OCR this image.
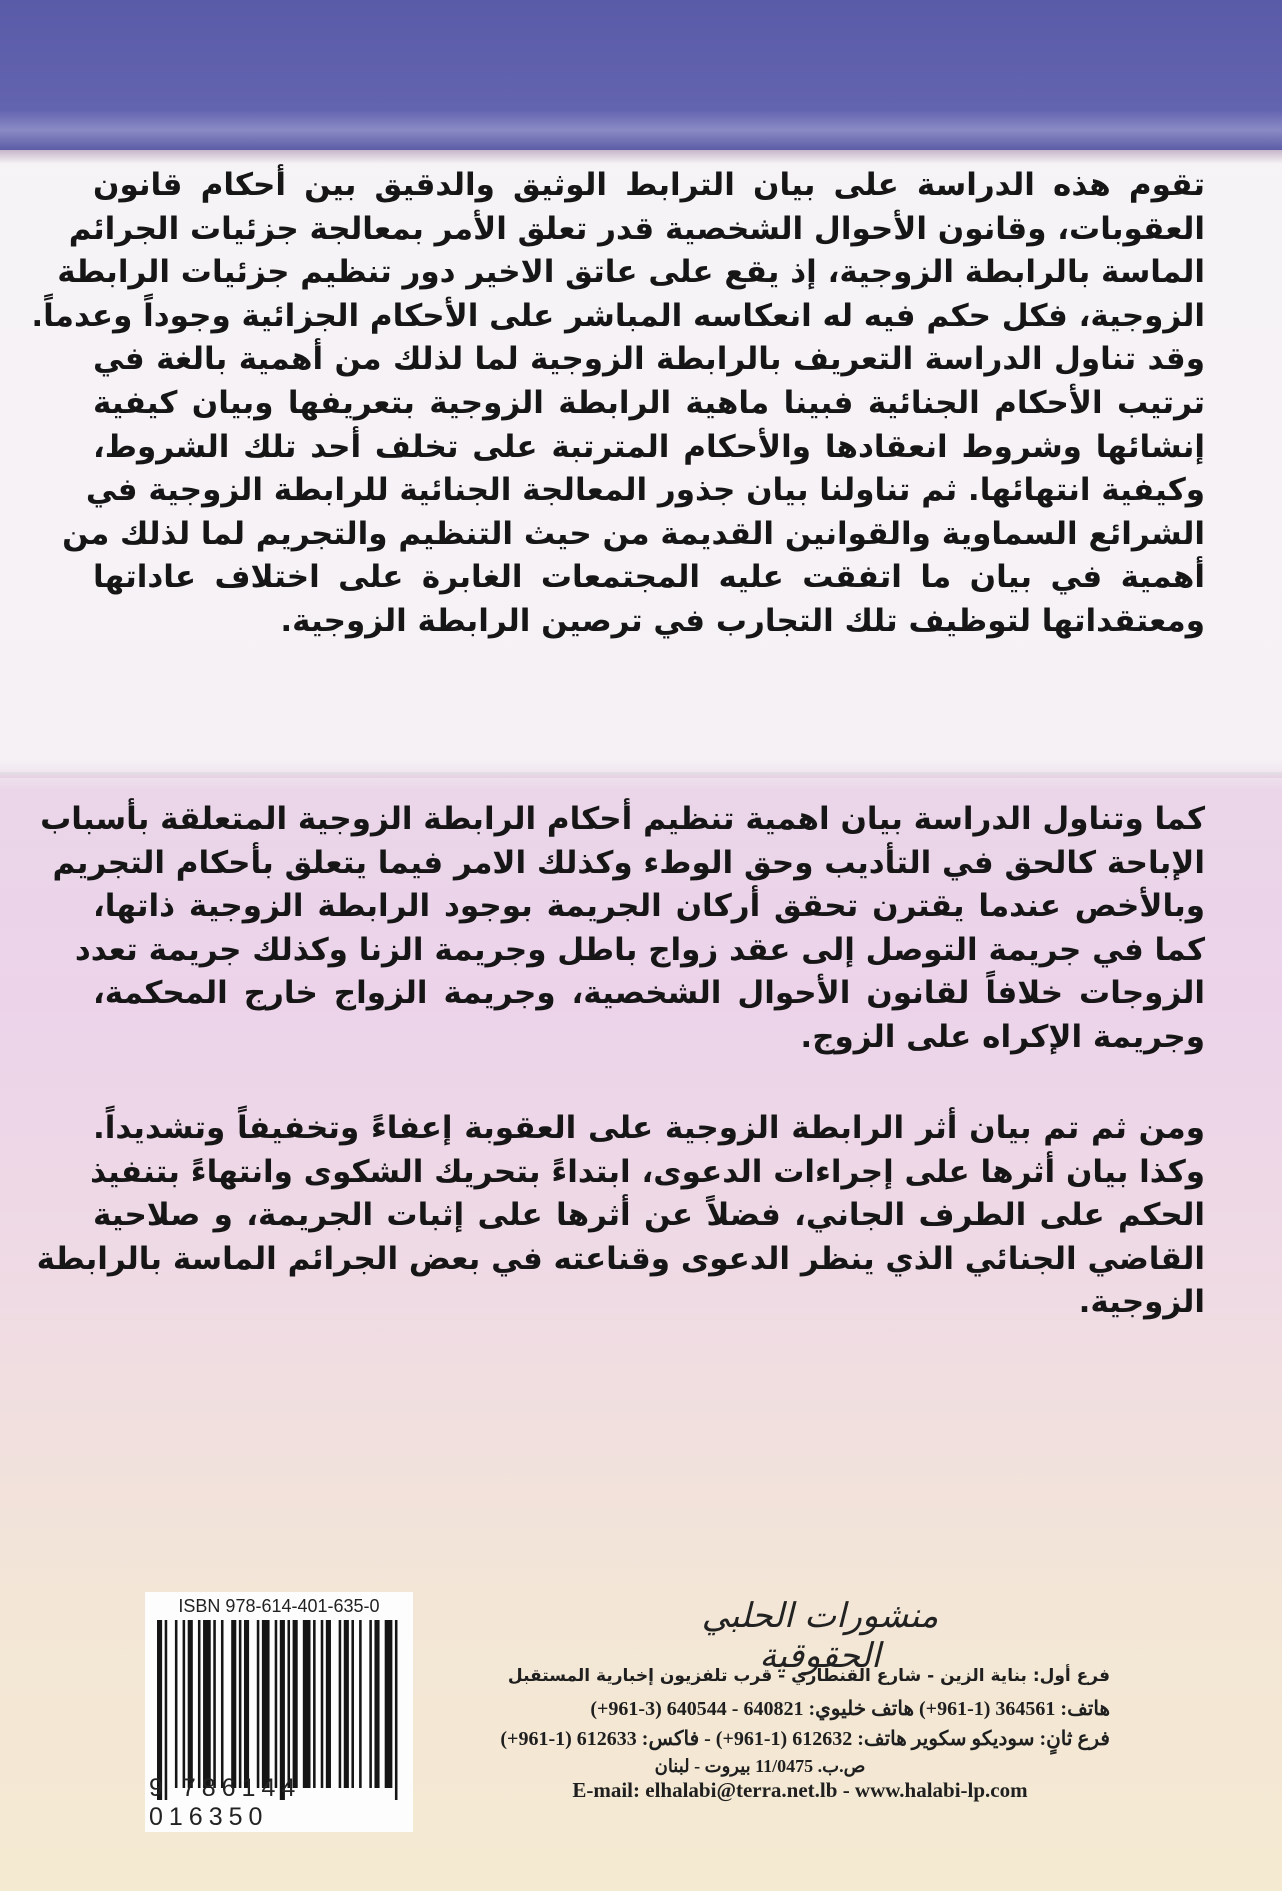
تقوم هذه الدراسة على بيان الترابط الوثيق والدقيق بين أحكام قانون
العقوبات، وقانون الأحوال الشخصية قدر تعلق الأمر بمعالجة جزئيات الجرائم
الماسة بالرابطة الزوجية، إذ يقع على عاتق الاخير دور تنظيم جزئيات الرابطة
الزوجية، فكل حكم فيه له انعكاسه المباشر على الأحكام الجزائية وجوداً وعدماً.
وقد تناول الدراسة التعريف بالرابطة الزوجية لما لذلك من أهمية بالغة في
ترتيب الأحكام الجنائية فبينا ماهية الرابطة الزوجية بتعريفها وبيان كيفية
إنشائها وشروط انعقادها والأحكام المترتبة على تخلف أحد تلك الشروط،
وكيفية انتهائها. ثم تناولنا بيان جذور المعالجة الجنائية للرابطة الزوجية في
الشرائع السماوية والقوانين القديمة من حيث التنظيم والتجريم لما لذلك من
أهمية في بيان ما اتفقت عليه المجتمعات الغابرة على اختلاف عاداتها
ومعتقداتها لتوظيف تلك التجارب في ترصين الرابطة الزوجية.
كما وتناول الدراسة بيان اهمية تنظيم أحكام الرابطة الزوجية المتعلقة بأسباب
الإباحة كالحق في التأديب وحق الوطء وكذلك الامر فيما يتعلق بأحكام التجريم
وبالأخص عندما يقترن تحقق أركان الجريمة بوجود الرابطة الزوجية ذاتها،
كما في جريمة التوصل إلى عقد زواج باطل وجريمة الزنا وكذلك جريمة تعدد
الزوجات خلافاً لقانون الأحوال الشخصية، وجريمة الزواج خارج المحكمة،
وجريمة الإكراه على الزوج.
ومن ثم تم بيان أثر الرابطة الزوجية على العقوبة إعفاءً وتخفيفاً وتشديداً.
وكذا بيان أثرها على إجراءات الدعوى، ابتداءً بتحريك الشكوى وانتهاءً بتنفيذ
الحكم على الطرف الجاني، فضلاً عن أثرها على إثبات الجريمة، و صلاحية
القاضي الجنائي الذي ينظر الدعوى وقناعته في بعض الجرائم الماسة بالرابطة
الزوجية.
ISBN 978-614-401-635-0
9 786144 016350
منشورات الحلبي الحقوقية
فرع أول: بناية الزين - شارع القنطاري - قرب تلفزيون إخبارية المستقبل
هاتف: 364561 (1-961+) هاتف خليوي: 640821 - 640544 (3-961+)
فرع ثانٍ: سوديكو سكوير هاتف: 612632 (1-961+) - فاكس: 612633 (1-961+)
ص.ب. 11/0475 بيروت - لبنان
E-mail: elhalabi@terra.net.lb - www.halabi-lp.com
